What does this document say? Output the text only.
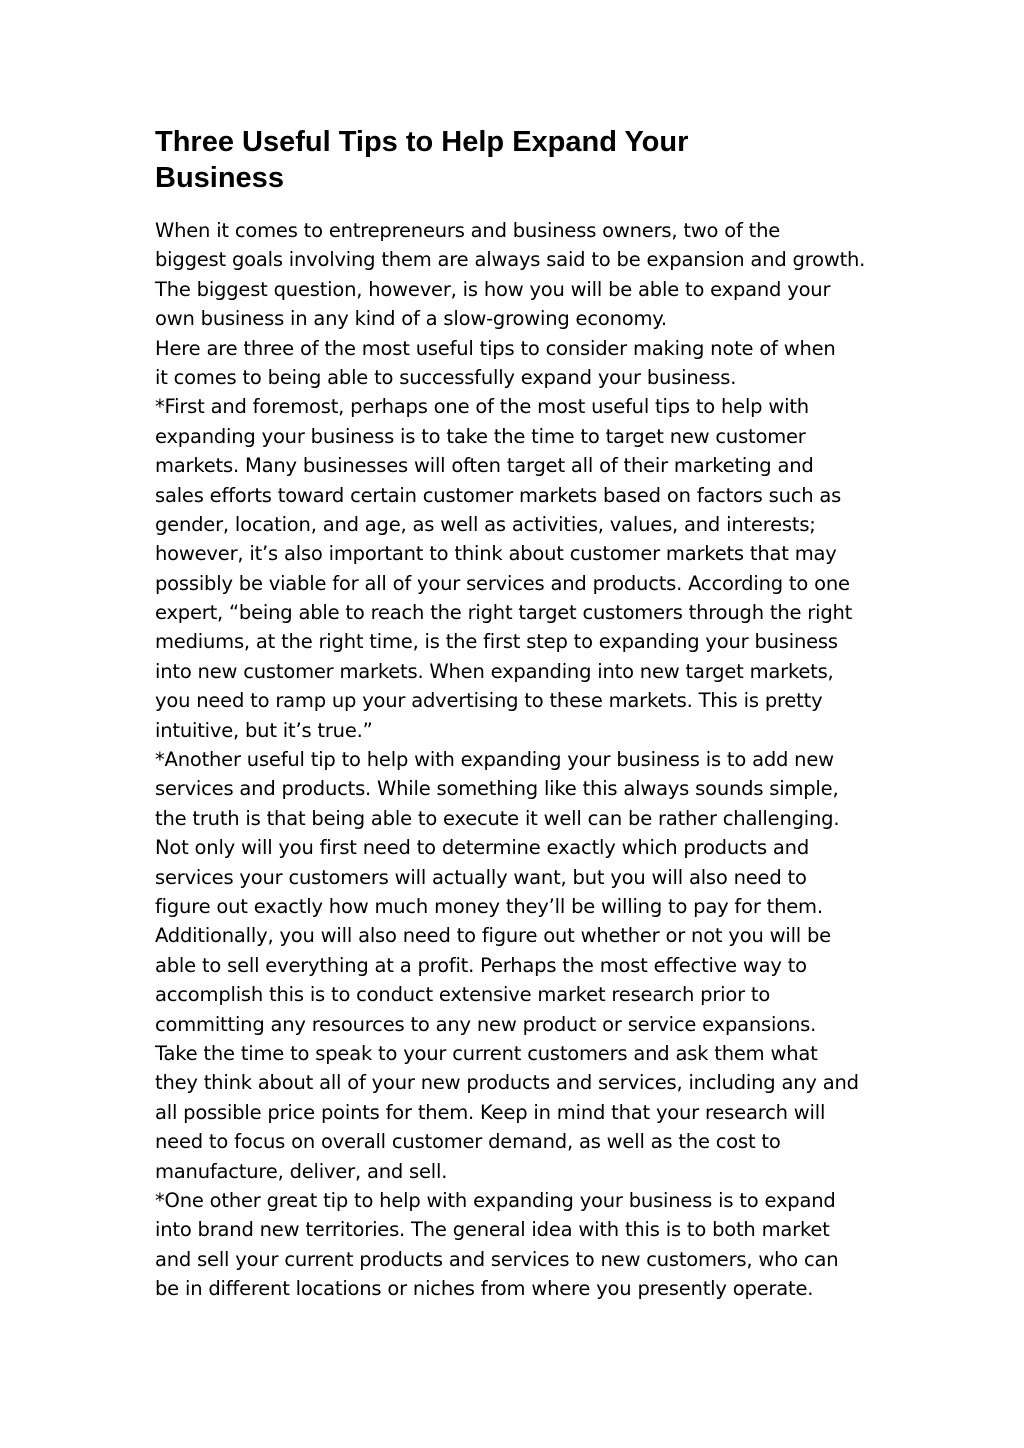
Three Useful Tips to Help Expand Your
Business
When it comes to entrepreneurs and business owners, two of the
biggest goals involving them are always said to be expansion and growth.
The biggest question, however, is how you will be able to expand your
own business in any kind of a slow-growing economy.
Here are three of the most useful tips to consider making note of when
it comes to being able to successfully expand your business.
*First and foremost, perhaps one of the most useful tips to help with
expanding your business is to take the time to target new customer
markets. Many businesses will often target all of their marketing and
sales efforts toward certain customer markets based on factors such as
gender, location, and age, as well as activities, values, and interests;
however, it’s also important to think about customer markets that may
possibly be viable for all of your services and products. According to one
expert, “being able to reach the right target customers through the right
mediums, at the right time, is the first step to expanding your business
into new customer markets. When expanding into new target markets,
you need to ramp up your advertising to these markets. This is pretty
intuitive, but it’s true.”
*Another useful tip to help with expanding your business is to add new
services and products. While something like this always sounds simple,
the truth is that being able to execute it well can be rather challenging.
Not only will you first need to determine exactly which products and
services your customers will actually want, but you will also need to
figure out exactly how much money they’ll be willing to pay for them.
Additionally, you will also need to figure out whether or not you will be
able to sell everything at a profit. Perhaps the most effective way to
accomplish this is to conduct extensive market research prior to
committing any resources to any new product or service expansions.
Take the time to speak to your current customers and ask them what
they think about all of your new products and services, including any and
all possible price points for them. Keep in mind that your research will
need to focus on overall customer demand, as well as the cost to
manufacture, deliver, and sell.
*One other great tip to help with expanding your business is to expand
into brand new territories. The general idea with this is to both market
and sell your current products and services to new customers, who can
be in different locations or niches from where you presently operate.
